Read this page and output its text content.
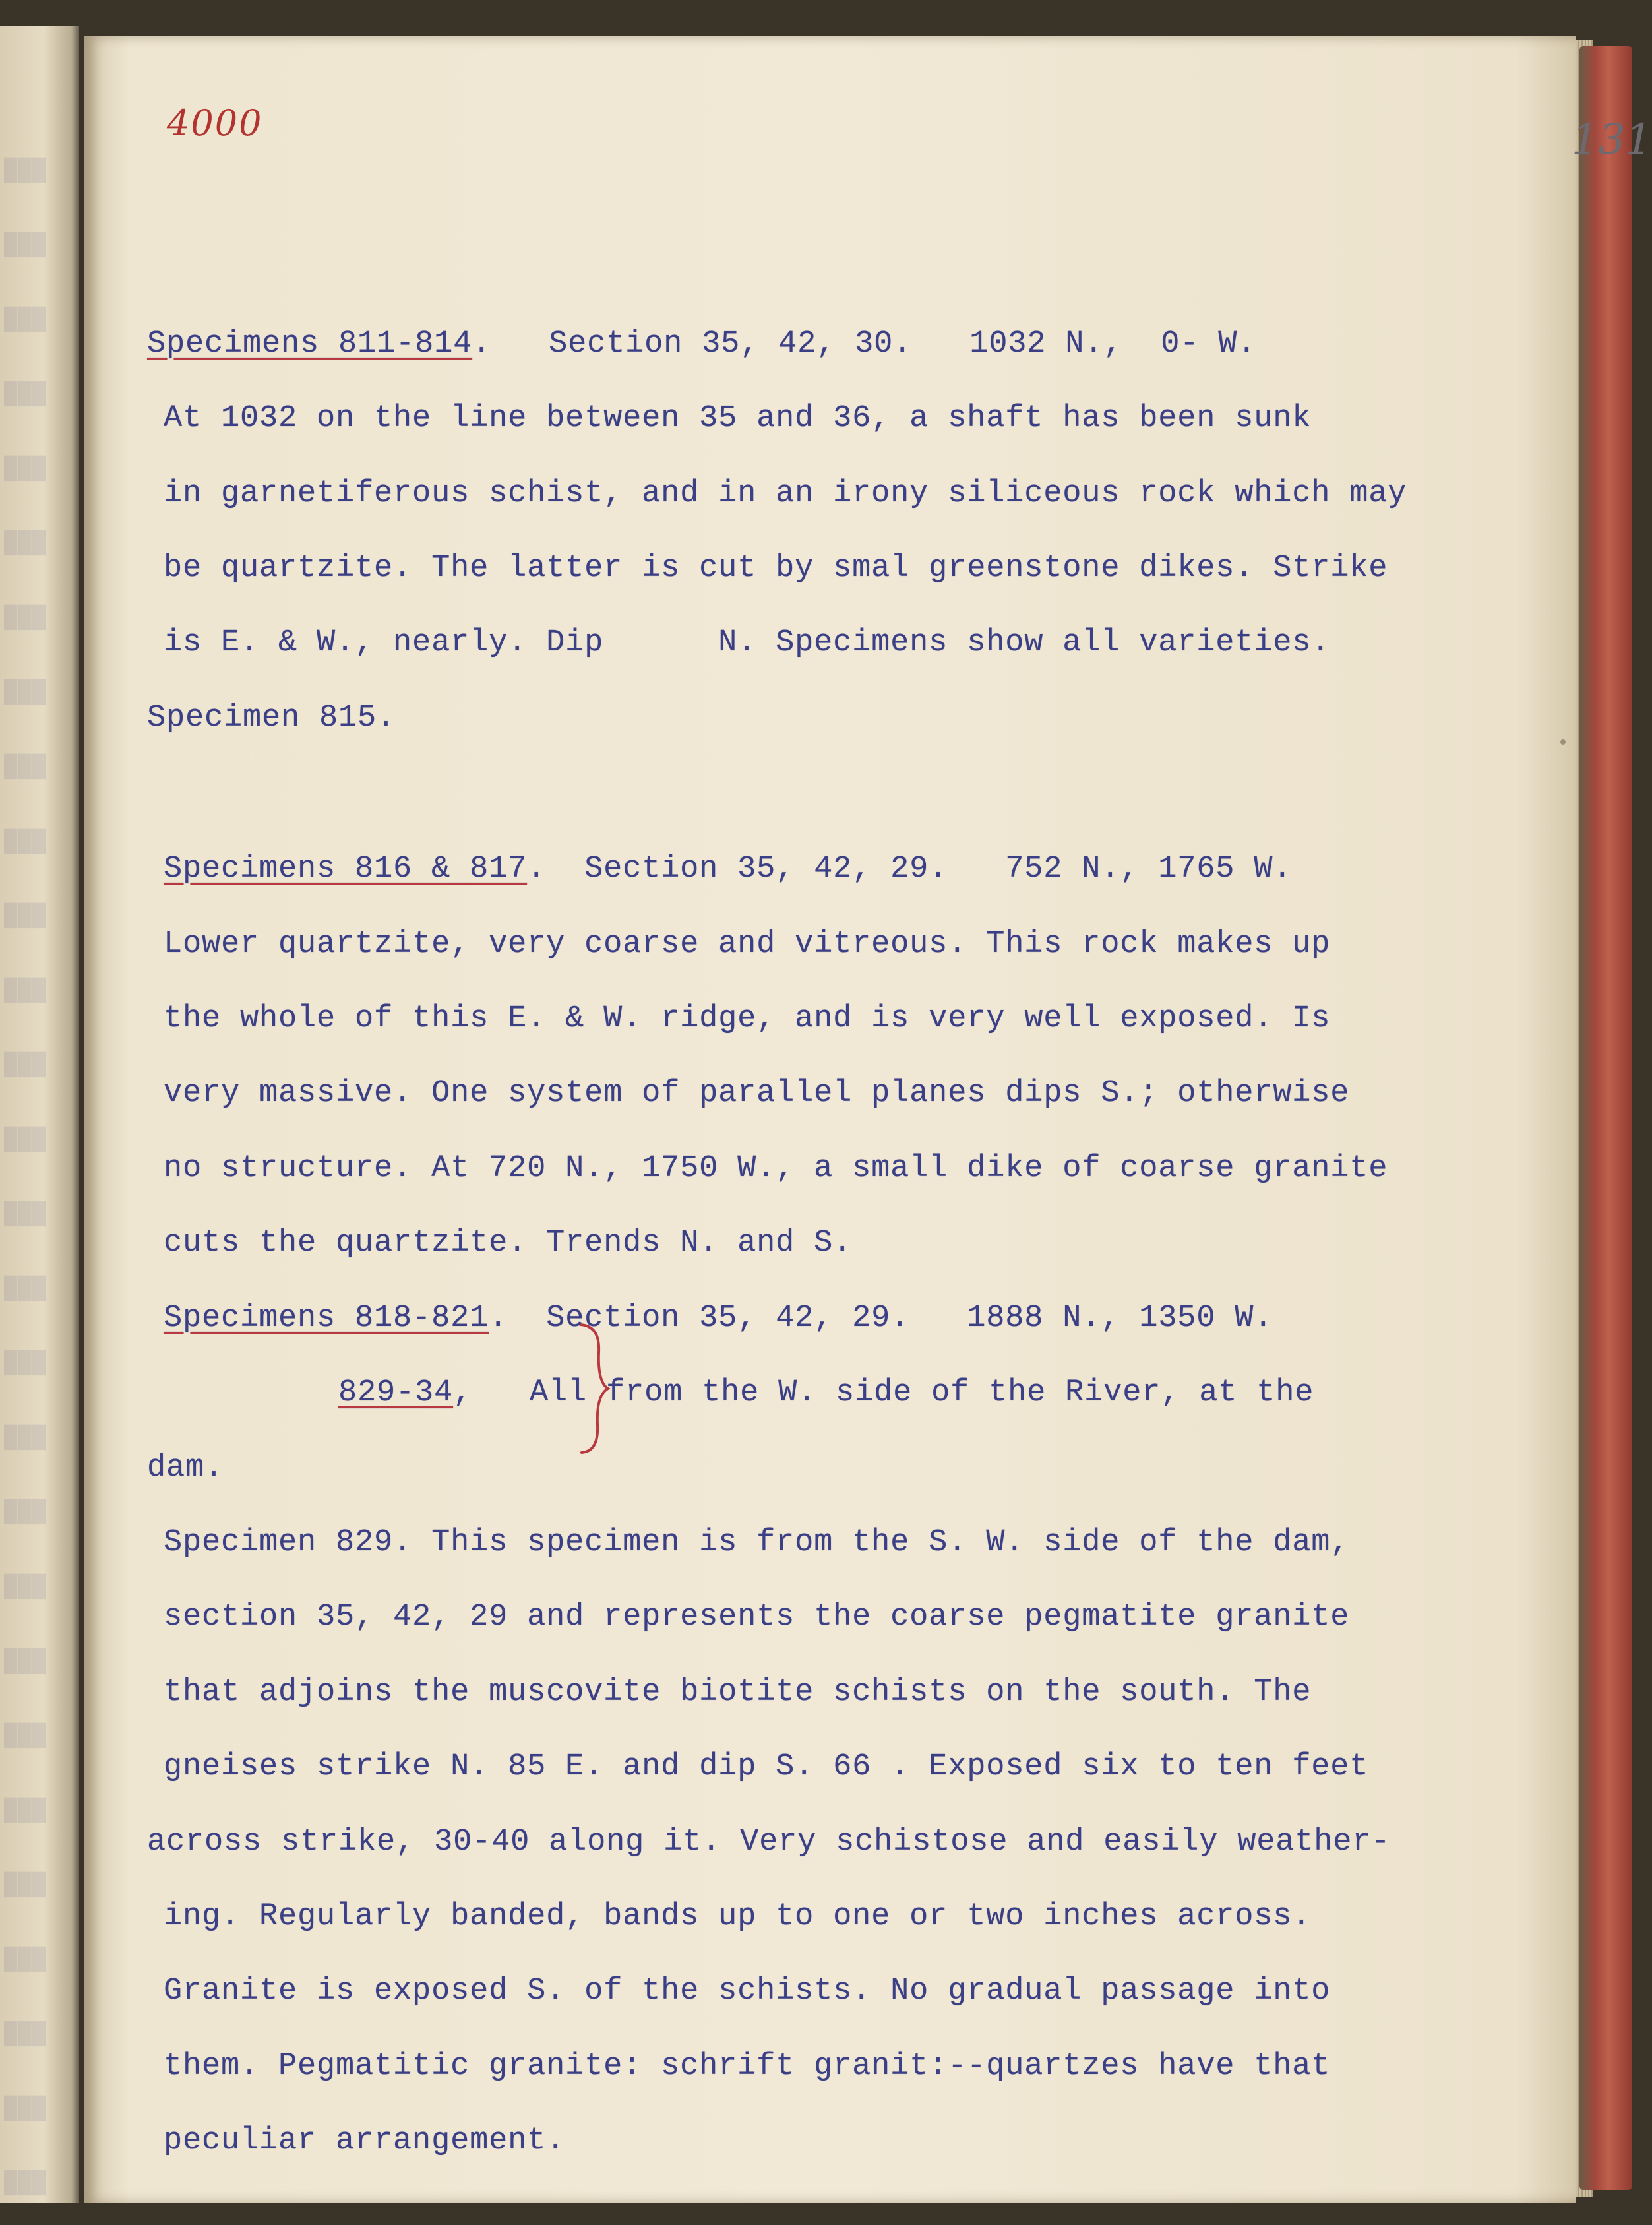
███
███
███
███
███
███
███
███
███
███
███
███
███
███
███
███
███
███
███
███
███
███
███
███
███
███
███
███
4000	131
Specimens 811-814.   Section 35, 42, 30.   1032 N.,  0- W.
At 1032 on the line between 35 and 36, a shaft has been sunk
in garnetiferous schist, and in an irony siliceous rock which may
be quartzite. The latter is cut by smal greenstone dikes. Strike
is E. & W., nearly. Dip      N. Specimens show all varieties.
Specimen 815.
Specimens 816 & 817.  Section 35, 42, 29.   752 N., 1765 W.
Lower quartzite, very coarse and vitreous. This rock makes up
the whole of this E. & W. ridge, and is very well exposed. Is
very massive. One system of parallel planes dips S.; otherwise
no structure. At 720 N., 1750 W., a small dike of coarse granite
cuts the quartzite. Trends N. and S.
Specimens 818-821.  Section 35, 42, 29.   1888 N., 1350 W.
829-34,   All from the W. side of the River, at the
dam.
Specimen 829. This specimen is from the S. W. side of the dam,
section 35, 42, 29 and represents the coarse pegmatite granite
that adjoins the muscovite biotite schists on the south. The
gneises strike N. 85 E. and dip S. 66 . Exposed six to ten feet
across strike, 30-40 along it. Very schistose and easily weather-
ing. Regularly banded, bands up to one or two inches across.
Granite is exposed S. of the schists. No gradual passage into
them. Pegmatitic granite: schrift granit:--quartzes have that
peculiar arrangement.
